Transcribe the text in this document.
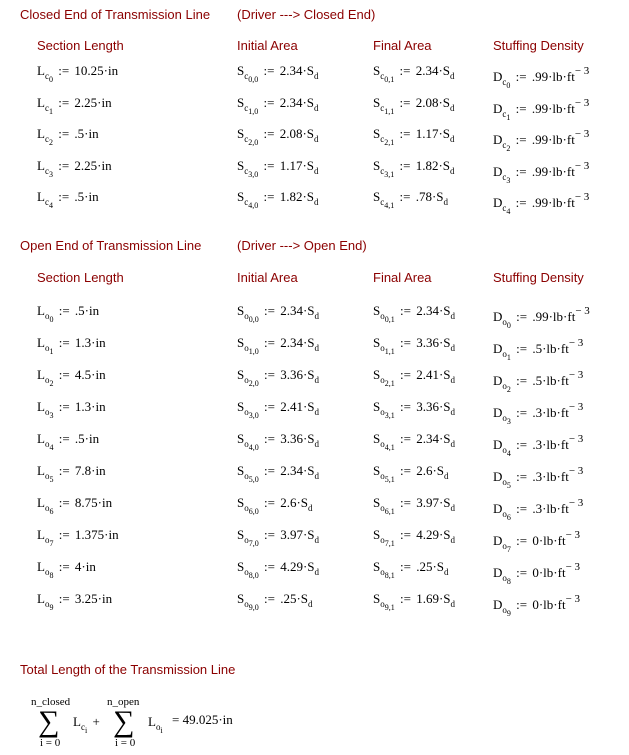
Closed End of Transmission Line (Driver ---> Closed End)
Section Length	Initial Area	Final Area	Stuffing Density
$L_{c_0}$ := 10.25·in	$S_{c_{0,0}}$ := $2.34\cdot S_d$	$S_{c_{0,1}}$ := $2.34\cdot S_d$	$D_{c_0}$ := $.99\cdot lb\cdot ft^{- 3}$
$L_{c_1}$ := 2.25·in	$S_{c_{1,0}}$ := $2.34\cdot S_d$	$S_{c_{1,1}}$ := $2.08\cdot S_d$	$D_{c_1}$ := $.99\cdot lb\cdot ft^{- 3}$
$L_{c_2}$ := .5·in	$S_{c_{2,0}}$ := $2.08\cdot S_d$	$S_{c_{2,1}}$ := $1.17\cdot S_d$	$D_{c_2}$ := $.99\cdot lb\cdot ft^{- 3}$
$L_{c_3}$ := 2.25·in	$S_{c_{3,0}}$ := $1.17\cdot S_d$	$S_{c_{3,1}}$ := $1.82\cdot S_d$	$D_{c_3}$ := $.99\cdot lb\cdot ft^{- 3}$
$L_{c_4}$ := .5·in	$S_{c_{4,0}}$ := $1.82\cdot S_d$	$S_{c_{4,1}}$ := $.78\cdot S_d$	$D_{c_4}$ := $.99\cdot lb\cdot ft^{- 3}$
Open End of Transmission Line	(Driver ---> Open End)
Section Length	Initial Area	Final Area	Stuffing Density
$L_{o_0}$ := .5·in	$S_{o_{0,0}}$ := $2.34\cdot S_d$	$S_{o_{0,1}}$ := $2.34\cdot S_d$	$D_{o_0}$ := $.99\cdot lb\cdot ft^{- 3}$
$L_{o_1}$ := 1.3·in	$S_{o_{1,0}}$ := $2.34\cdot S_d$	$S_{o_{1,1}}$ := $3.36\cdot S_d$	$D_{o_1}$ := $.5\cdot lb\cdot ft^{- 3}$
$L_{o_2}$ := 4.5·in	$S_{o_{2,0}}$ := $3.36\cdot S_d$	$S_{o_{2,1}}$ := $2.41\cdot S_d$	$D_{o_2}$ := $.5\cdot lb\cdot ft^{- 3}$
$L_{o_3}$ := 1.3·in	$S_{o_{3,0}}$ := $2.41\cdot S_d$	$S_{o_{3,1}}$ := $3.36\cdot S_d$	$D_{o_3}$ := $.3\cdot lb\cdot ft^{- 3}$
$L_{o_4}$ := .5·in	$S_{o_{4,0}}$ := $3.36\cdot S_d$	$S_{o_{4,1}}$ := $2.34\cdot S_d$	$D_{o_4}$ := $.3\cdot lb\cdot ft^{- 3}$
$L_{o_5}$ := 7.8·in	$S_{o_{5,0}}$ := $2.34\cdot S_d$	$S_{o_{5,1}}$ := $2.6\cdot S_d$	$D_{o_5}$ := $.3\cdot lb\cdot ft^{- 3}$
$L_{o_6}$ := 8.75·in	$S_{o_{6,0}}$ := $2.6\cdot S_d$	$S_{o_{6,1}}$ := $3.97\cdot S_d$	$D_{o_6}$ := $.3\cdot lb\cdot ft^{- 3}$
$L_{o_7}$ := 1.375·in	$S_{o_{7,0}}$ := $3.97\cdot S_d$	$S_{o_{7,1}}$ := $4.29\cdot S_d$	$D_{o_7}$ := $0\cdot lb\cdot ft^{- 3}$
$L_{o_8}$ := 4·in	$S_{o_{8,0}}$ := $4.29\cdot S_d$	$S_{o_{8,1}}$ := $.25\cdot S_d$	$D_{o_8}$ := $0\cdot lb\cdot ft^{- 3}$
$L_{o_9}$ := 3.25·in	$S_{o_{9,0}}$ := $.25\cdot S_d$	$S_{o_{9,1}}$ := $1.69\cdot S_d$	$D_{o_9}$ := $0\cdot lb\cdot ft^{- 3}$
Total Length of the Transmission Line
n_closed
∑
i = 0
$L_{c_i}$ +
n_open
∑
i = 0
$L_{o_i}$
= 49.025·in
